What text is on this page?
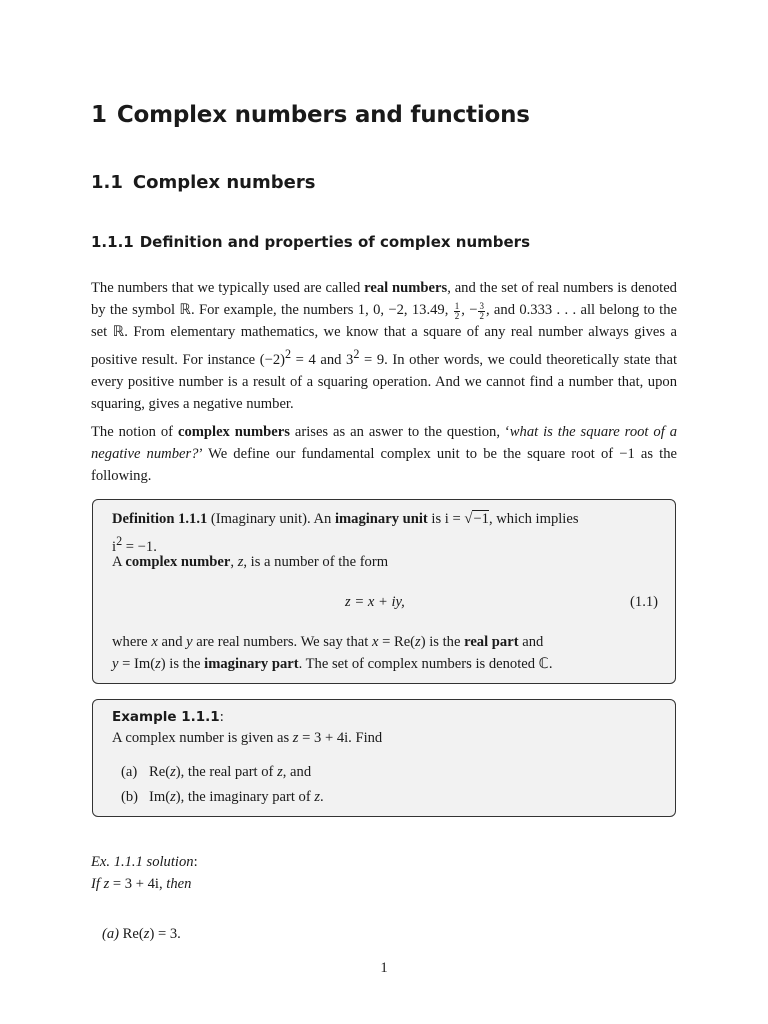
1 Complex numbers and functions
1.1 Complex numbers
1.1.1 Definition and properties of complex numbers

The numbers that we typically used are called real numbers, and the set of real numbers is denoted by the symbol ℝ. For example, the numbers 1, 0, −2, 13.49, $\frac{1}{2}$ , − $\frac{3}{2}$ , and 0.333 . . . all belong to the set ℝ. From elementary mathematics, we know that a square of any real number always gives a positive result. For instance $(-2)^2 = 4$ and $3^2 = 9$. In other words, we could theoretically state that every positive number is a result of a squaring operation. And we cannot find a number that, upon squaring, gives a negative number.

The notion of complex numbers arises as an aswer to the question, ‘what is the square root of a negative number?’ We define our fundamental complex unit to be the square root of −1 as the following.

Definition 1.1.1 (Imaginary unit). An imaginary unit is i = √−1, which implies
$i^2 = -1$.
A complex number, z, is a number of the form
z = x + iy,	(1.1)
where x and y are real numbers. We say that x = Re(z) is the real part and
y = Im(z) is the imaginary part. The set of complex numbers is denoted ℂ.
Example 1.1.1:
A complex number is given as z = 3 + 4i. Find
(a) Re(z), the real part of z, and
(b) Im(z), the imaginary part of z.
Ex. 1.1.1 solution:
If z = 3 + 4i, then
(a) Re(z) = 3.
1
